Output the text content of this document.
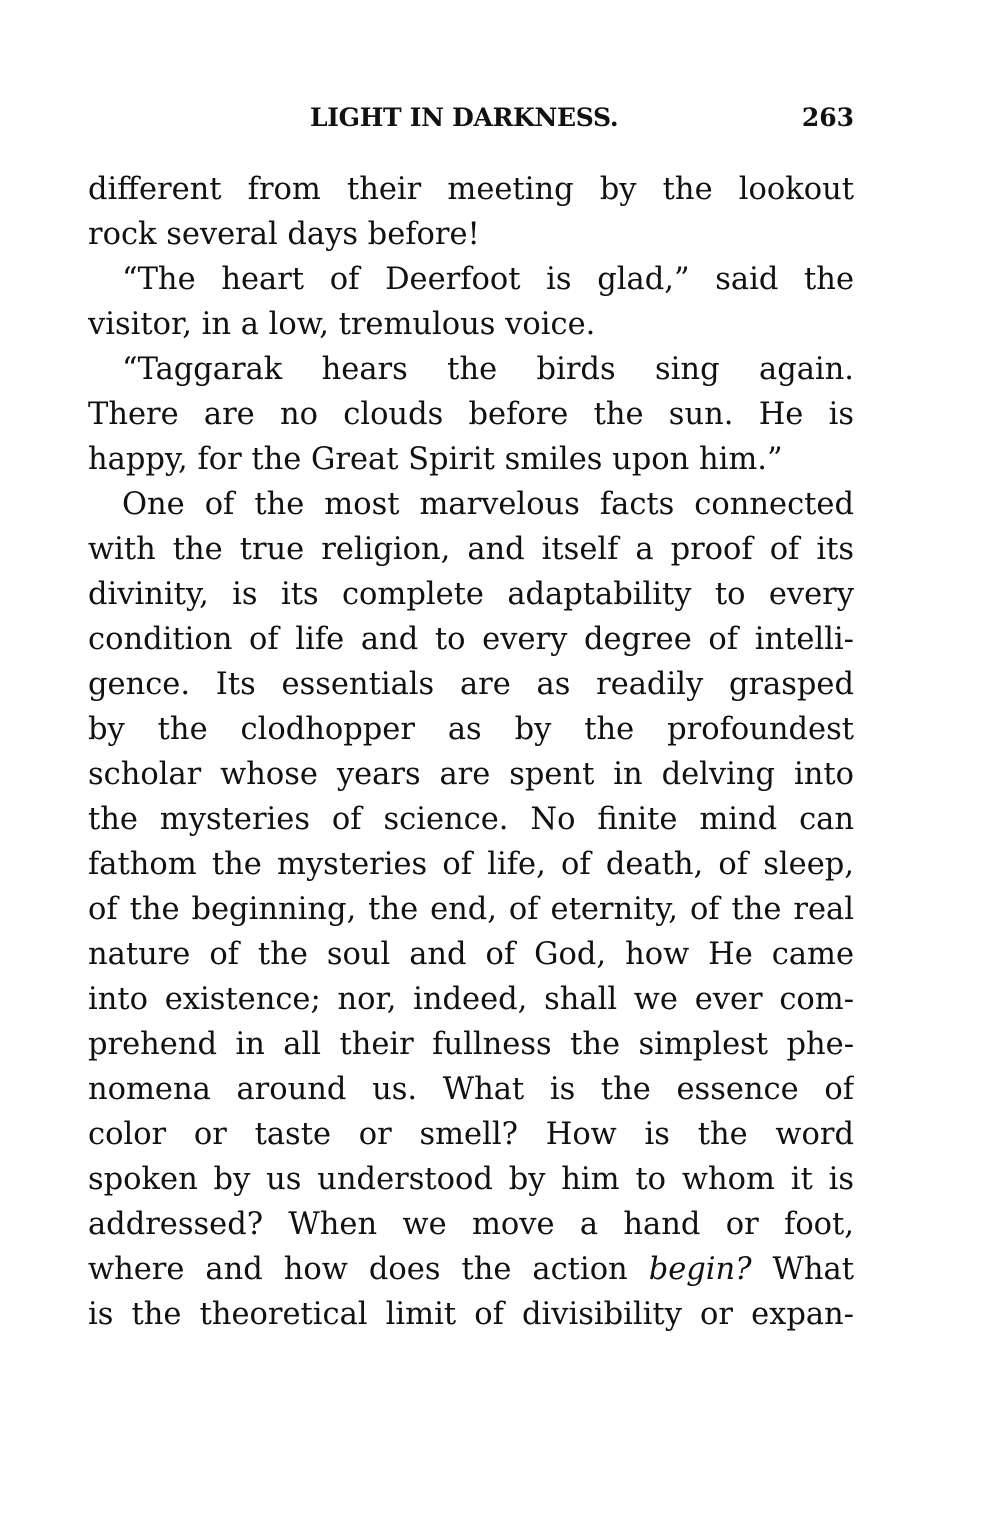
LIGHT IN DARKNESS.	263
different from their meeting by the lookout
rock several days before!
“The heart of Deerfoot is glad,” said the
visitor, in a low, tremulous voice.
“Taggarak hears the birds sing again.
There are no clouds before the sun. He is
happy, for the Great Spirit smiles upon him.”
One of the most marvelous facts connected
with the true religion, and itself a proof of its
divinity, is its complete adaptability to every
condition of life and to every degree of intelli-
gence. Its essentials are as readily grasped
by the clodhopper as by the profoundest
scholar whose years are spent in delving into
the mysteries of science. No finite mind can
fathom the mysteries of life, of death, of sleep,
of the beginning, the end, of eternity, of the real
nature of the soul and of God, how He came
into existence; nor, indeed, shall we ever com-
prehend in all their fullness the simplest phe-
nomena around us. What is the essence of
color or taste or smell? How is the word
spoken by us understood by him to whom it is
addressed? When we move a hand or foot,
where and how does the action begin? What
is the theoretical limit of divisibility or expan-
